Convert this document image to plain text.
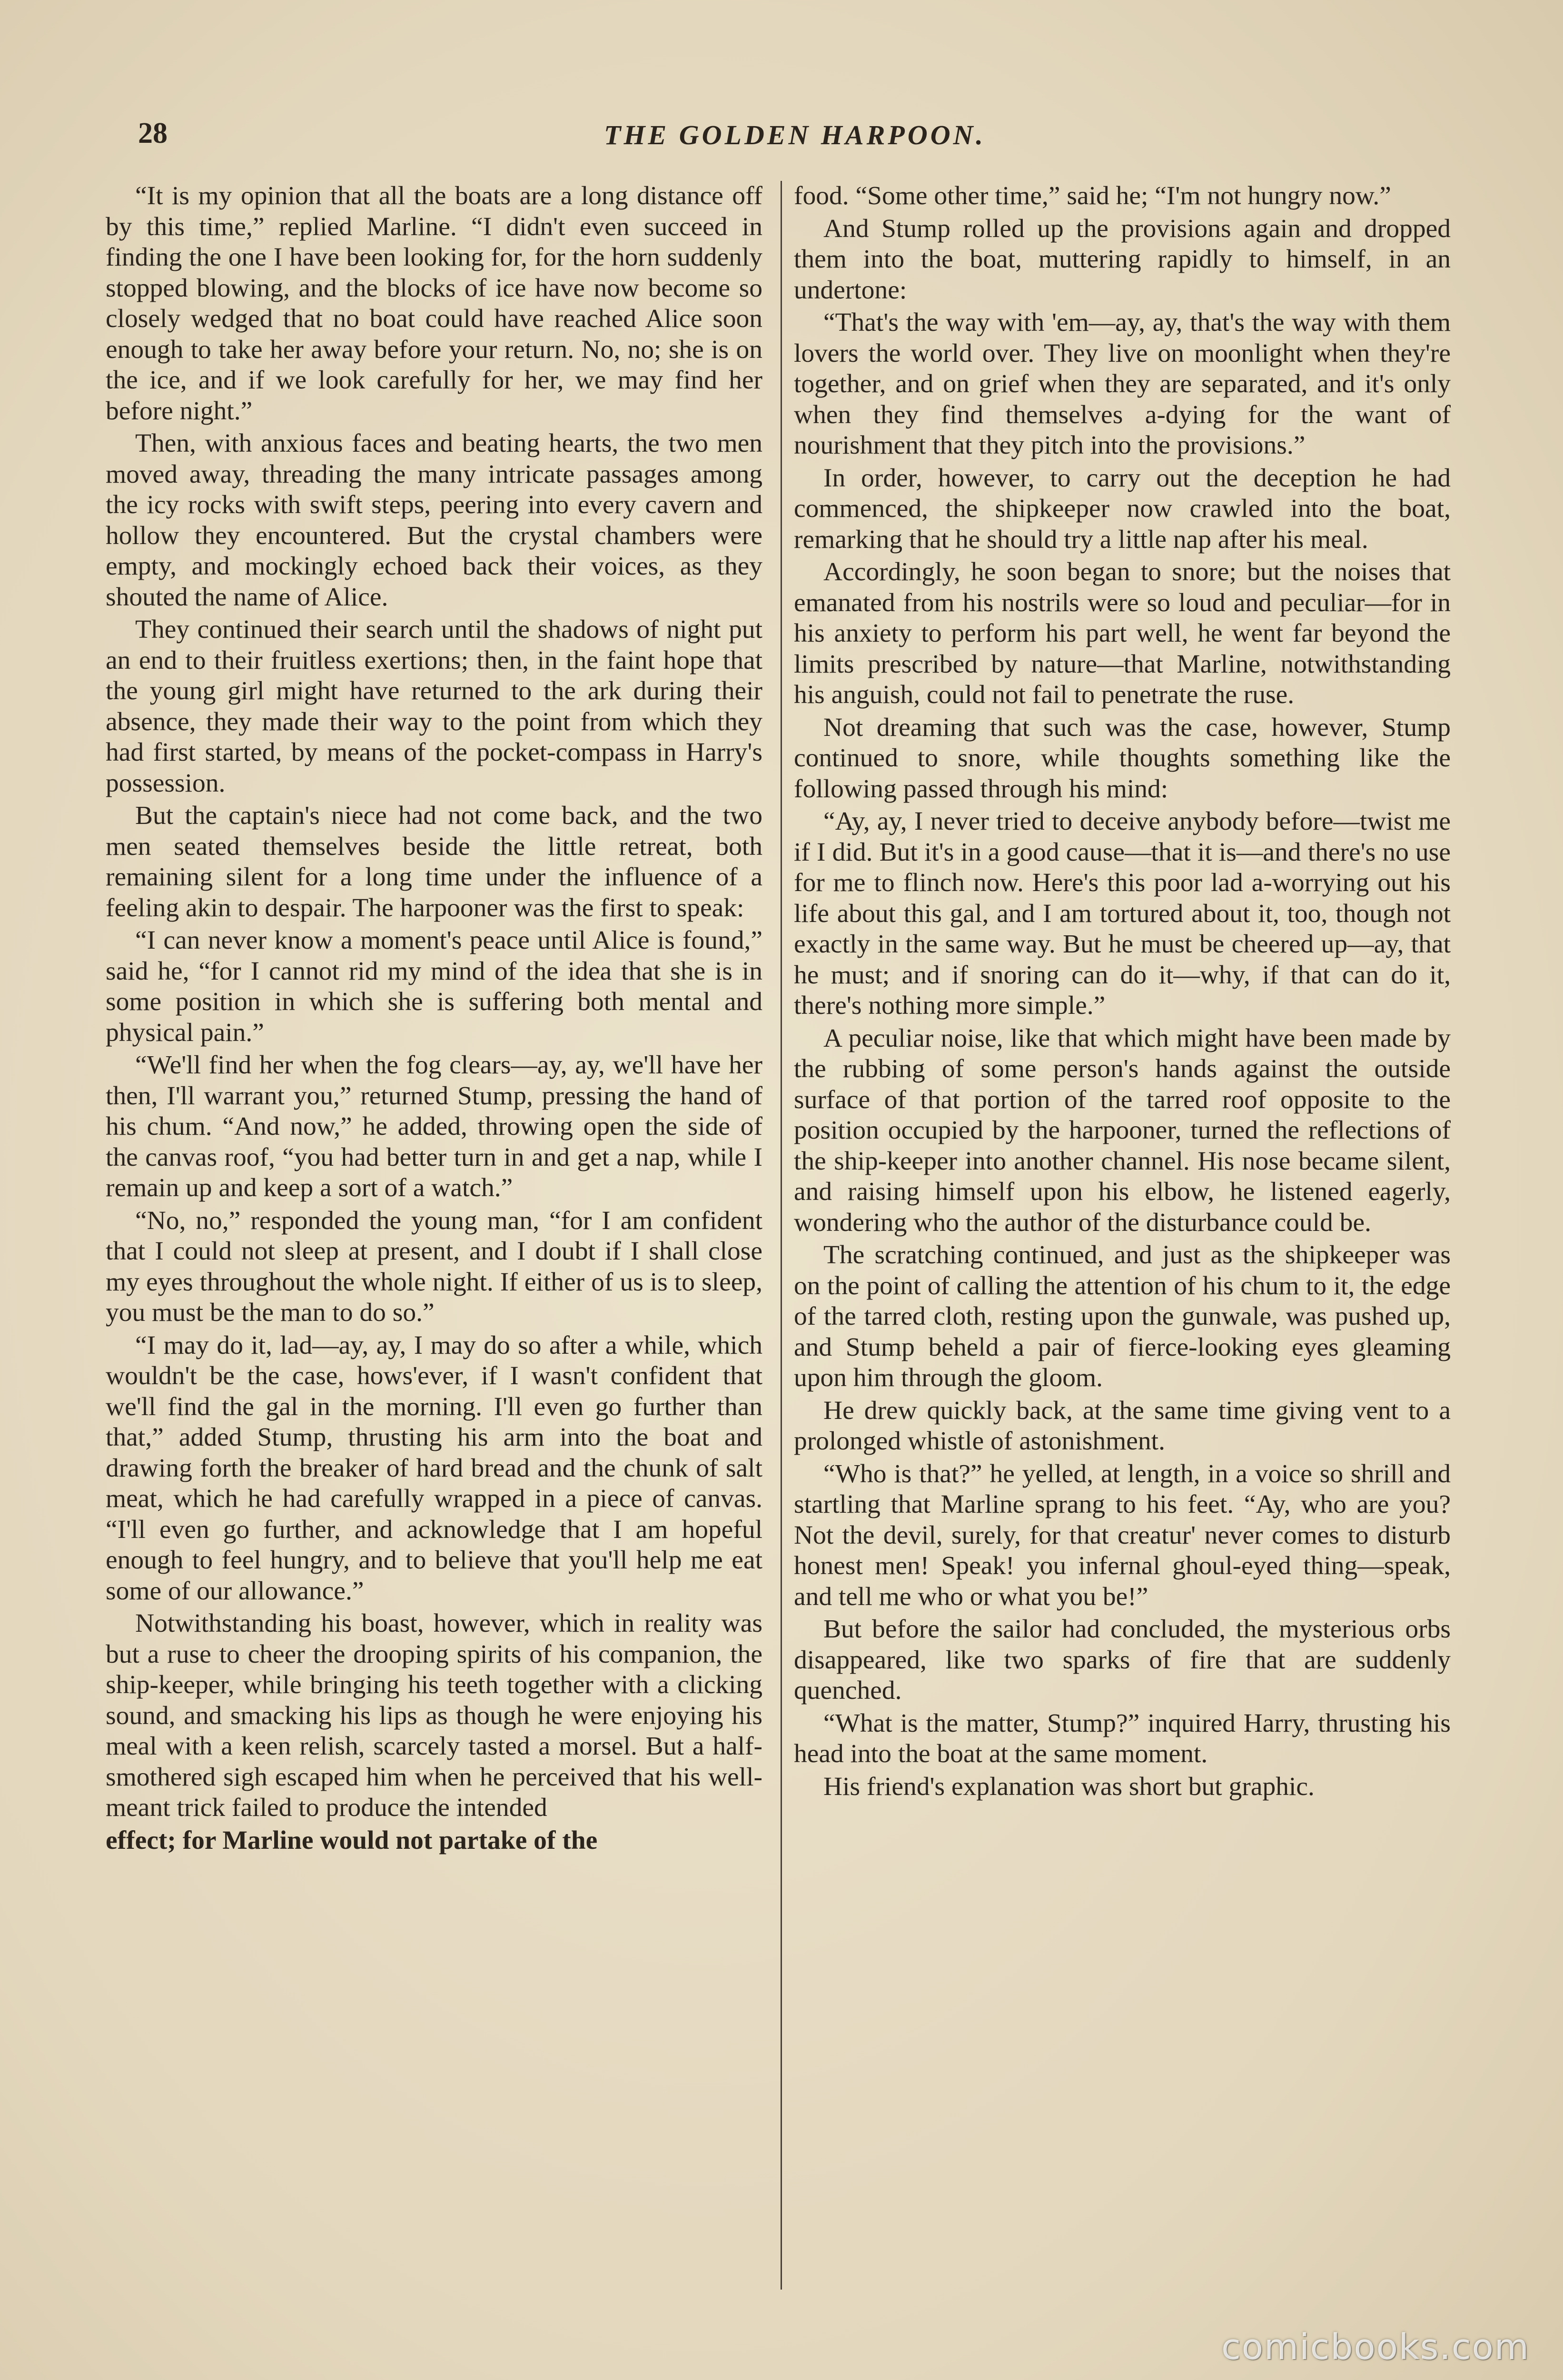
28	THE GOLDEN HARPOON.

“It is my opinion that all the boats are a long distance off by this time,” replied Marline. “I didn't even succeed in finding the one I have been looking for, for the horn suddenly stopped blowing, and the blocks of ice have now become so closely wedged that no boat could have reached Alice soon enough to take her away before your return. No, no; she is on the ice, and if we look carefully for her, we may find her before night.”

Then, with anxious faces and beating hearts, the two men moved away, threading the many intricate passages among the icy rocks with swift steps, peering into every cavern and hollow they encountered. But the crystal chambers were empty, and mockingly echoed back their voices, as they shouted the name of Alice.

They continued their search until the shadows of night put an end to their fruitless exertions; then, in the faint hope that the young girl might have returned to the ark during their absence, they made their way to the point from which they had first started, by means of the pocket-compass in Harry's possession.

But the captain's niece had not come back, and the two men seated themselves beside the little retreat, both remaining silent for a long time under the influence of a feeling akin to despair. The harpooner was the first to speak:

“I can never know a moment's peace until Alice is found,” said he, “for I cannot rid my mind of the idea that she is in some position in which she is suffering both mental and physical pain.”

“We'll find her when the fog clears—ay, ay, we'll have her then, I'll warrant you,” returned Stump, pressing the hand of his chum. “And now,” he added, throwing open the side of the canvas roof, “you had better turn in and get a nap, while I remain up and keep a sort of a watch.”

“No, no,” responded the young man, “for I am confident that I could not sleep at present, and I doubt if I shall close my eyes throughout the whole night. If either of us is to sleep, you must be the man to do so.”

“I may do it, lad—ay, ay, I may do so after a while, which wouldn't be the case, hows'ever, if I wasn't confident that we'll find the gal in the morning. I'll even go further than that,” added Stump, thrusting his arm into the boat and drawing forth the breaker of hard bread and the chunk of salt meat, which he had carefully wrapped in a piece of canvas. “I'll even go further, and acknowledge that I am hopeful enough to feel hungry, and to believe that you'll help me eat some of our allowance.”

Notwithstanding his boast, however, which in reality was but a ruse to cheer the drooping spirits of his companion, the ship-keeper, while bringing his teeth together with a clicking sound, and smacking his lips as though he were enjoying his meal with a keen relish, scarcely tasted a morsel. But a half-smothered sigh escaped him when he perceived that his well-meant trick failed to produce the intended

effect; for Marline would not partake of the

food. “Some other time,” said he; “I'm not hungry now.”

And Stump rolled up the provisions again and dropped them into the boat, muttering rapidly to himself, in an undertone:

“That's the way with 'em—ay, ay, that's the way with them lovers the world over. They live on moonlight when they're together, and on grief when they are separated, and it's only when they find themselves a-dying for the want of nourishment that they pitch into the provisions.”

In order, however, to carry out the deception he had commenced, the shipkeeper now crawled into the boat, remarking that he should try a little nap after his meal.

Accordingly, he soon began to snore; but the noises that emanated from his nostrils were so loud and peculiar—for in his anxiety to perform his part well, he went far beyond the limits prescribed by nature—that Marline, notwithstanding his anguish, could not fail to penetrate the ruse.

Not dreaming that such was the case, however, Stump continued to snore, while thoughts something like the following passed through his mind:

“Ay, ay, I never tried to deceive anybody before—twist me if I did. But it's in a good cause—that it is—and there's no use for me to flinch now. Here's this poor lad a-worrying out his life about this gal, and I am tortured about it, too, though not exactly in the same way. But he must be cheered up—ay, that he must; and if snoring can do it—why, if that can do it, there's nothing more simple.”

A peculiar noise, like that which might have been made by the rubbing of some person's hands against the outside surface of that portion of the tarred roof opposite to the position occupied by the harpooner, turned the reflections of the ship-keeper into another channel. His nose became silent, and raising himself upon his elbow, he listened eagerly, wondering who the author of the disturbance could be.

The scratching continued, and just as the shipkeeper was on the point of calling the attention of his chum to it, the edge of the tarred cloth, resting upon the gunwale, was pushed up, and Stump beheld a pair of fierce-looking eyes gleaming upon him through the gloom.

He drew quickly back, at the same time giving vent to a prolonged whistle of astonishment.

“Who is that?” he yelled, at length, in a voice so shrill and startling that Marline sprang to his feet. “Ay, who are you? Not the devil, surely, for that creatur' never comes to disturb honest men! Speak! you infernal ghoul-eyed thing—speak, and tell me who or what you be!”

But before the sailor had concluded, the mysterious orbs disappeared, like two sparks of fire that are suddenly quenched.

“What is the matter, Stump?” inquired Harry, thrusting his head into the boat at the same moment.

His friend's explanation was short but graphic.

comicbooks.com
